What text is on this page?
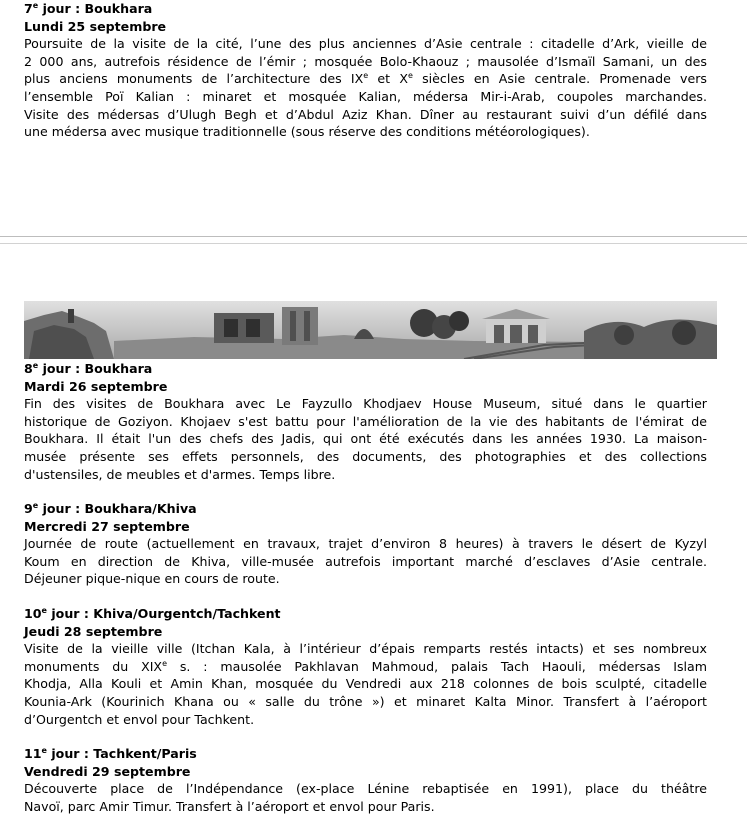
7e jour : Boukhara
Lundi 25 septembre
Poursuite de la visite de la cité, l’une des plus anciennes d’Asie centrale : citadelle d’Ark, vieille de
2 000 ans, autrefois résidence de l’émir ; mosquée Bolo-Khaouz ; mausolée d’Ismaïl Samani, un des
plus anciens monuments de l’architecture des IXe et Xe siècles en Asie centrale. Promenade vers
l’ensemble Poï Kalian : minaret et mosquée Kalian, médersa Mir-i-Arab, coupoles marchandes.
Visite des médersas d’Ulugh Begh et d’Abdul Aziz Khan. Dîner au restaurant suivi d’un défilé dans
une médersa avec musique traditionnelle (sous réserve des conditions météorologiques).
8e jour : Boukhara
Mardi 26 septembre
Fin des visites de Boukhara avec Le Fayzullo Khodjaev House Museum, situé dans le quartier
historique de Goziyon. Khojaev s'est battu pour l'amélioration de la vie des habitants de l'émirat de
Boukhara. Il était l'un des chefs des Jadis, qui ont été exécutés dans les années 1930. La maison-
musée présente ses effets personnels, des documents, des photographies et des collections
d'ustensiles, de meubles et d'armes. Temps libre.
9e jour : Boukhara/Khiva
Mercredi 27 septembre
Journée de route (actuellement en travaux, trajet d’environ 8 heures) à travers le désert de Kyzyl
Koum en direction de Khiva, ville-musée autrefois important marché d’esclaves d’Asie centrale.
Déjeuner pique-nique en cours de route.
10e jour : Khiva/Ourgentch/Tachkent
Jeudi 28 septembre
Visite de la vieille ville (Itchan Kala, à l’intérieur d’épais remparts restés intacts) et ses nombreux
monuments du XIXe s. : mausolée Pakhlavan Mahmoud, palais Tach Haouli, médersas Islam
Khodja, Alla Kouli et Amin Khan, mosquée du Vendredi aux 218 colonnes de bois sculpté, citadelle
Kounia-Ark (Kourinich Khana ou « salle du trône ») et minaret Kalta Minor. Transfert à l’aéroport
d’Ourgentch et envol pour Tachkent.
11e jour : Tachkent/Paris
Vendredi 29 septembre
Découverte place de l’Indépendance (ex-place Lénine rebaptisée en 1991), place du théâtre
Navoï, parc Amir Timur. Transfert à l’aéroport et envol pour Paris.
